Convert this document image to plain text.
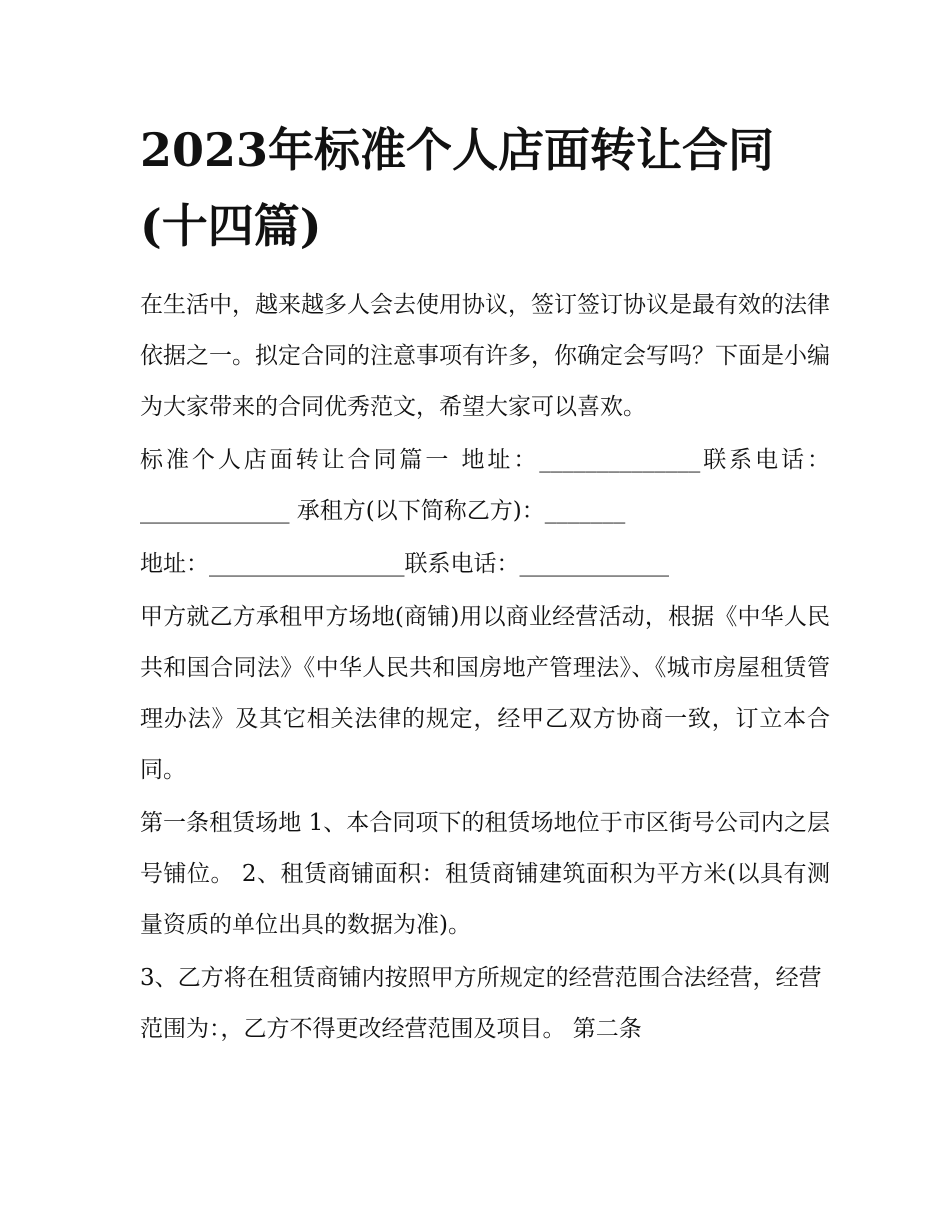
2023年标准个人店面转让合同(十四篇)

在生活中，越来越多人会去使用协议，签订签订协议是最有效的法律依据之一。拟定合同的注意事项有许多，你确定会写吗？下面是小编为大家带来的合同优秀范文，希望大家可以喜欢。

标准个人店面转让合同篇一 地址：______________联系电话：_____________ 承租方(以下简称乙方)：_______

地址：_________________联系电话：_____________

甲方就乙方承租甲方场地(商铺)用以商业经营活动，根据《中华人民共和国合同法》《中华人民共和国房地产管理法》、《城市房屋租赁管理办法》及其它相关法律的规定，经甲乙双方协商一致，订立本合同。

第一条租赁场地 1、本合同项下的租赁场地位于市区街号公司内之层号铺位。 2、租赁商铺面积：租赁商铺建筑面积为平方米(以具有测量资质的单位出具的数据为准)。

3、乙方将在租赁商铺内按照甲方所规定的经营范围合法经营，经营范围为：，乙方不得更改经营范围及项目。 第二条
